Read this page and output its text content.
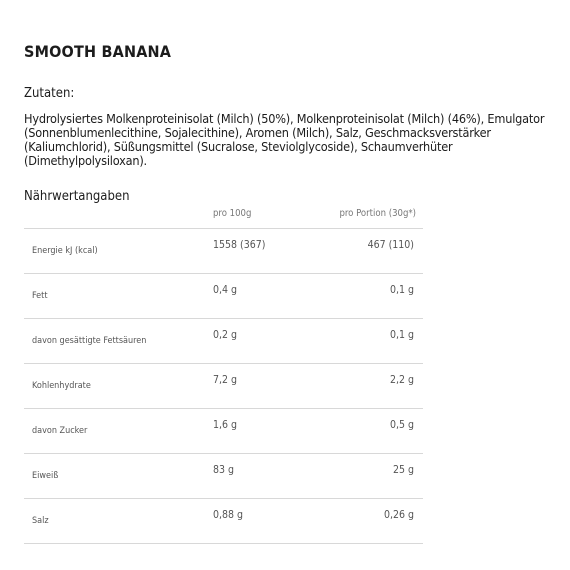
SMOOTH BANANA
Zutaten:
Hydrolysiertes Molkenproteinisolat (Milch) (50%), Molkenproteinisolat (Milch) (46%), Emulgator (Sonnenblumenlecithine, Sojalecithine), Aromen (Milch), Salz, Geschmacksverstärker (Kaliumchlorid), Süßungsmittel (Sucralose, Steviolglycoside), Schaumverhüter (Dimethylpolysiloxan).
Nährwertangaben
pro 100g	pro Portion (30g*)
Energie kJ (kcal)	1558 (367)	467 (110)
Fett	0,4 g	0,1 g
davon gesättigte Fettsäuren	0,2 g	0,1 g
Kohlenhydrate	7,2 g	2,2 g
davon Zucker	1,6 g	0,5 g
Eiweiß	83 g	25 g
Salz	0,88 g	0,26 g
